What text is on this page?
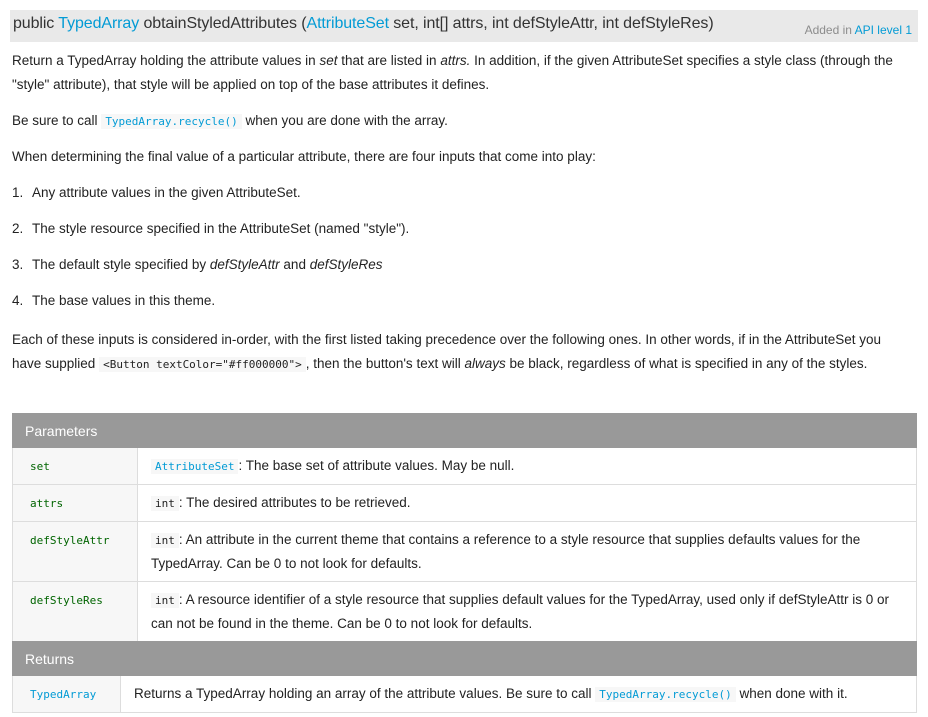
public TypedArray obtainStyledAttributes (AttributeSet set, int[] attrs, int defStyleAttr, int defStyleRes)	Added in API level 1

Return a TypedArray holding the attribute values in set that are listed in attrs. In addition, if the given AttributeSet specifies a style class (through the "style" attribute), that style will be applied on top of the base attributes it defines.

Be sure to call TypedArray.recycle() when you are done with the array.

When determining the final value of a particular attribute, there are four inputs that come into play:

1. Any attribute values in the given AttributeSet.

2. The style resource specified in the AttributeSet (named "style").

3. The default style specified by defStyleAttr and defStyleRes

4. The base values in this theme.

Each of these inputs is considered in-order, with the first listed taking precedence over the following ones. In other words, if in the AttributeSet you have supplied <Button textColor="#ff000000"> , then the button's text will always be black, regardless of what is specified in any of the styles.

Parameters	
set	AttributeSet : The base set of attribute values. May be null.
attrs	int : The desired attributes to be retrieved.
defStyleAttr	int : An attribute in the current theme that contains a reference to a style resource that supplies defaults values for the TypedArray. Can be 0 to not look for defaults.
defStyleRes	int : A resource identifier of a style resource that supplies default values for the TypedArray, used only if defStyleAttr is 0 or can not be found in the theme. Can be 0 to not look for defaults.
Returns
TypedArray	Returns a TypedArray holding an array of the attribute values. Be sure to call TypedArray.recycle() when done with it.
